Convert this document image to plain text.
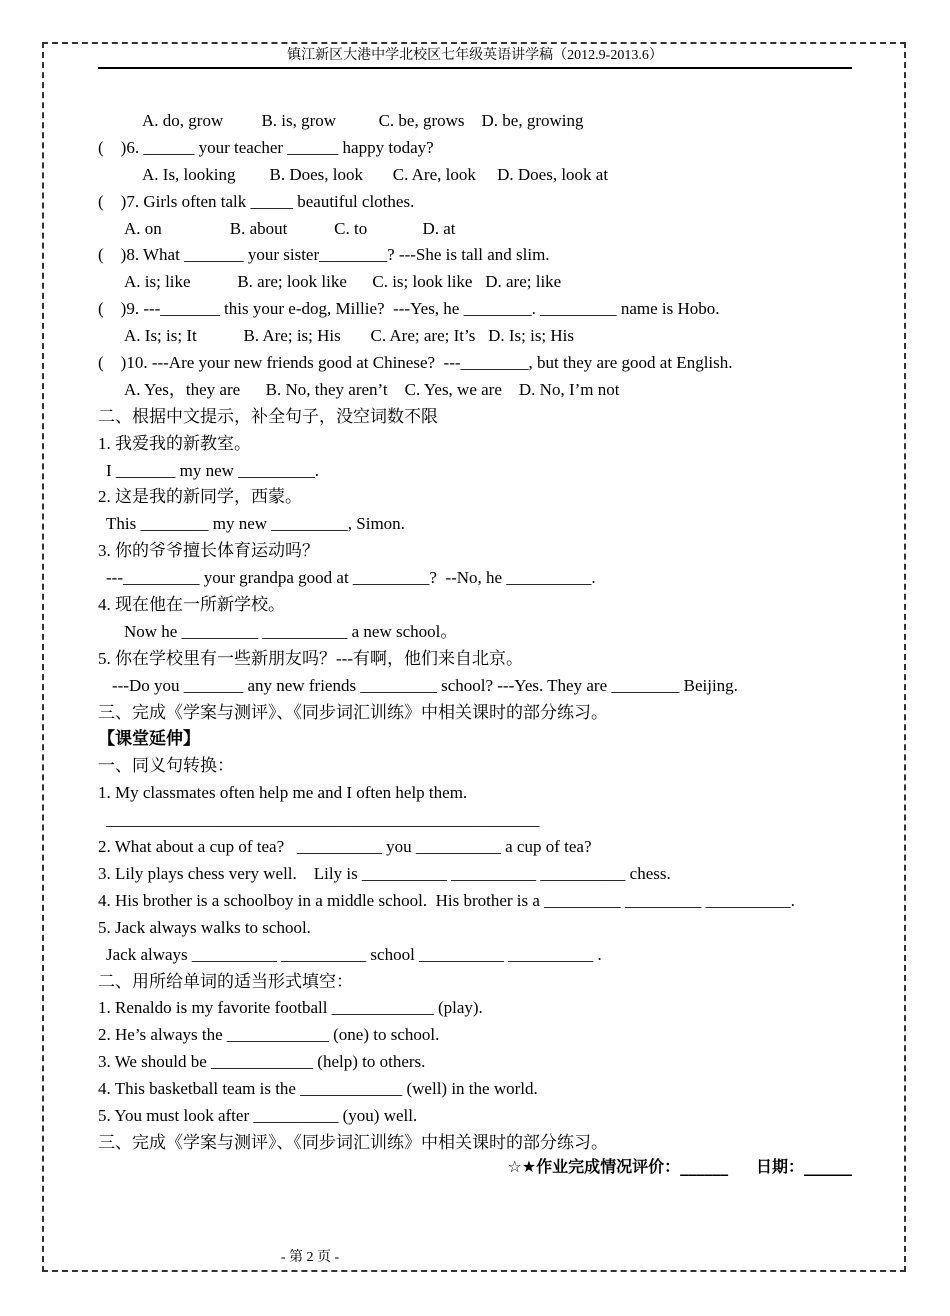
镇江新区大港中学北校区七年级英语讲学稿（2012.9-2013.6）
A. do, grow         B. is, grow          C. be, grows    D. be, growing
(    )6. ______ your teacher ______ happy today?
A. Is, looking        B. Does, look       C. Are, look     D. Does, look at
(    )7. Girls often talk _____ beautiful clothes.
A. on                B. about           C. to             D. at
(    )8. What _______ your sister________? ---She is tall and slim.
A. is; like           B. are; look like      C. is; look like   D. are; like
(    )9. ---_______ this your e-dog, Millie?  ---Yes, he ________. _________ name is Hobo.
A. Is; is; It           B. Are; is; His       C. Are; are; It’s   D. Is; is; His
(    )10. ---Are your new friends good at Chinese?  ---________, but they are good at English.
A. Yes，they are      B. No, they aren’t    C. Yes, we are    D. No, I’m not
二、根据中文提示，补全句子，没空词数不限
1. 我爱我的新教室。
I _______ my new _________.
2. 这是我的新同学，西蒙。
This ________ my new _________, Simon.
3. 你的爷爷擅长体育运动吗？
---_________ your grandpa good at _________?  --No, he __________.
4. 现在他在一所新学校。
Now he _________ __________ a new school。
5. 你在学校里有一些新朋友吗？---有啊，他们来自北京。
---Do you _______ any new friends _________ school? ---Yes. They are ________ Beijing.
三、完成《学案与测评》、《同步词汇训练》中相关课时的部分练习。
【课堂延伸】
一、同义句转换：
1. My classmates often help me and I often help them.
___________________________________________________
2. What about a cup of tea?   __________ you __________ a cup of tea?
3. Lily plays chess very well.    Lily is __________ __________ __________ chess.
4. His brother is a schoolboy in a middle school.  His brother is a _________ _________ __________.
5. Jack always walks to school.
Jack always __________ __________ school __________ __________ .
二、用所给单词的适当形式填空：
1. Renaldo is my favorite football ____________ (play).
2. He’s always the ____________ (one) to school.
3. We should be ____________ (help) to others.
4. This basketball team is the ____________ (well) in the world.
5. You must look after __________ (you) well.
三、完成《学案与测评》、《同步词汇训练》中相关课时的部分练习。
☆★作业完成情况评价：______     日期：______
- 第 2 页 -
